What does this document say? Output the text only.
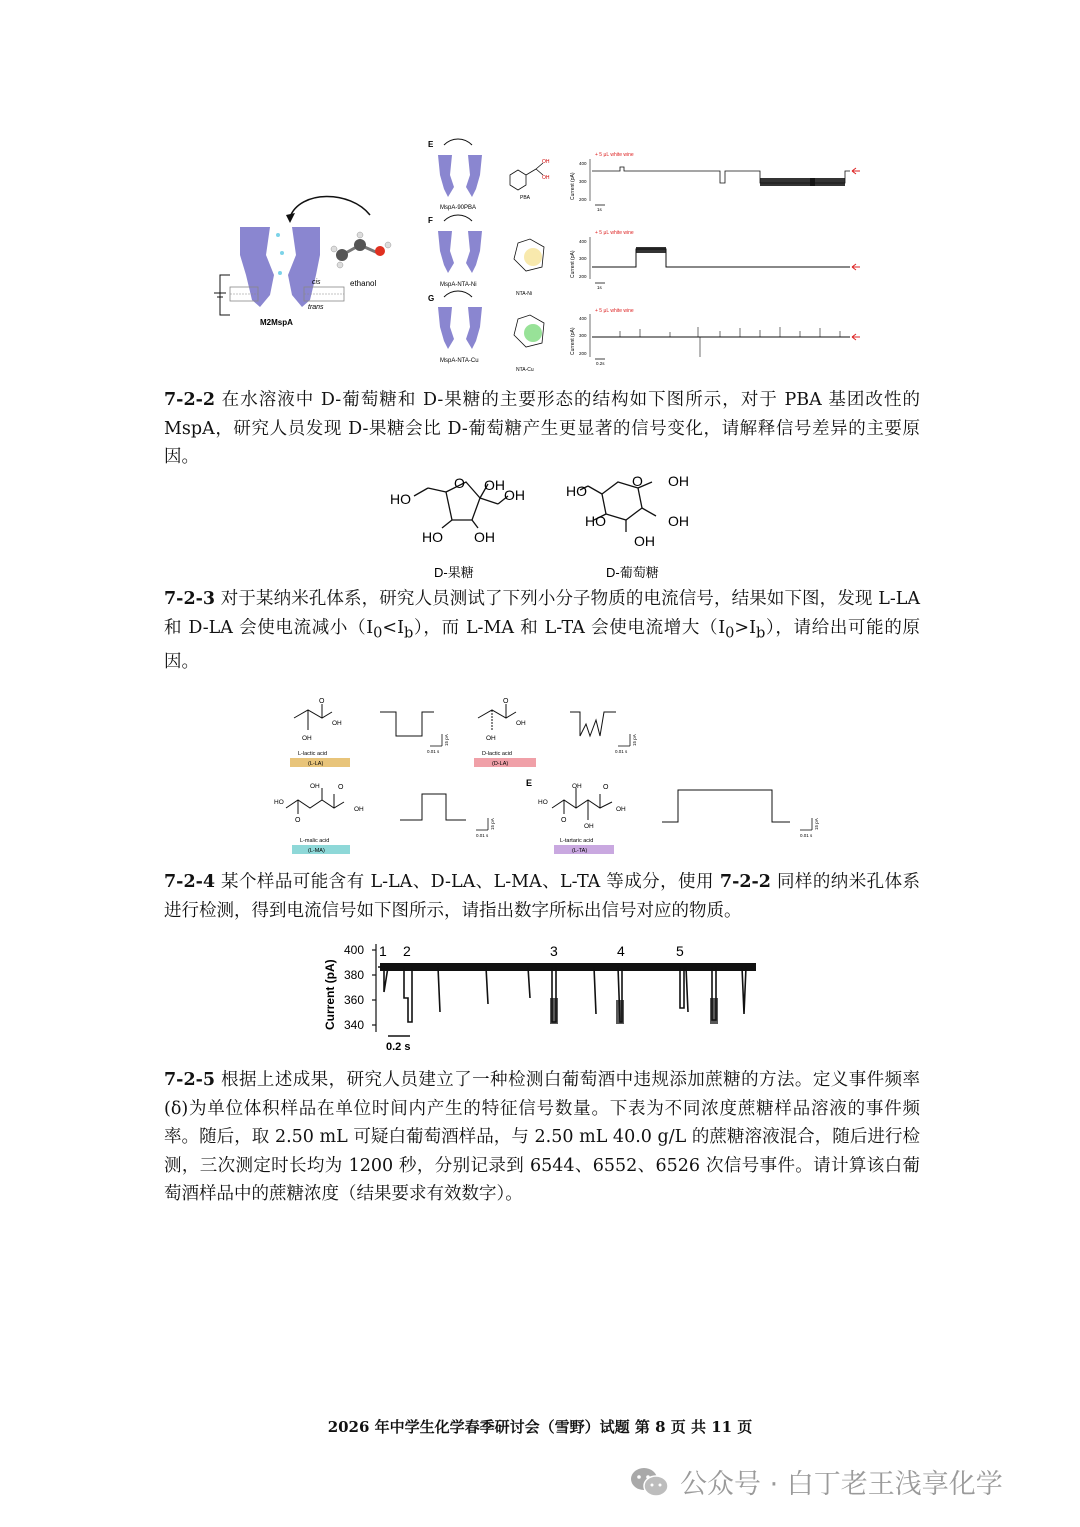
cis
trans
M2MspA
ethanol
E
F
G
MspA-90PBA
MspA-NTA-Ni
MspA-NTA-Cu
OH
OH
PBA
NTA-Ni
NTA-Cu
+ 5 μL white wine
Current (pA)
400
300
200
1s
+ 5 μL white wine
Current (pA)
400
300
200
1s
+ 5 μL white wine
Current (pA)
400
300
200
0.2s
7-2-2 在水溶液中 D-葡萄糖和 D-果糖的主要形态的结构如下图所示，对于 PBA 基团改性的 MspA，研究人员发现 D-果糖会比 D-葡萄糖产生更显著的信号变化，请解释信号差异的主要原因。
HO
O OH
OH
HO OH
D-果糖
HO
O OH
HO	OH
OH
D-葡萄糖
7-2-3 对于某纳米孔体系，研究人员测试了下列小分子物质的电流信号，结果如下图，发现 L-LA 和 D-LA 会使电流减小$(I_0<I_b)$，而 L-MA 和 L-TA 会使电流增大$(I_0>I_b)$，请给出可能的原因。
O
OH
OH
L-lactic acid
(L-LA)
0.01 s
15 pA
O
OH
OH
D-lactic acid
(D-LA)
0.01 s
15 pA
E
HO
O
OH	O
OH
L-malic acid
(L-MA)
0.01 s
15 pA
HO
O
OH	O
OH
OH
L-tartaric acid
(L-TA)
0.01 s
15 pA
7-2-4 某个样品可能含有 L-LA、D-LA、L-MA、L-TA 等成分，使用 7-2-2 同样的纳米孔体系进行检测，得到电流信号如下图所示，请指出数字所标出信号对应的物质。
Current (pA)
400
380
360
340
1 2	3	4	5
0.2 s
7-2-5 根据上述成果，研究人员建立了一种检测白葡萄酒中违规添加蔗糖的方法。定义事件频率(δ)为单位体积样品在单位时间内产生的特征信号数量。下表为不同浓度蔗糖样品溶液的事件频率。随后，取 2.50 mL 可疑白葡萄酒样品，与 2.50 mL 40.0 g/L 的蔗糖溶液混合，随后进行检测，三次测定时长均为 1200 秒，分别记录到 6544、6552、6526 次信号事件。请计算该白葡萄酒样品中的蔗糖浓度（结果要求有效数字）。
2026 年中学生化学春季研讨会（雪野）试题 第 8 页 共 11 页
公众号 · 白丁老王浅享化学
